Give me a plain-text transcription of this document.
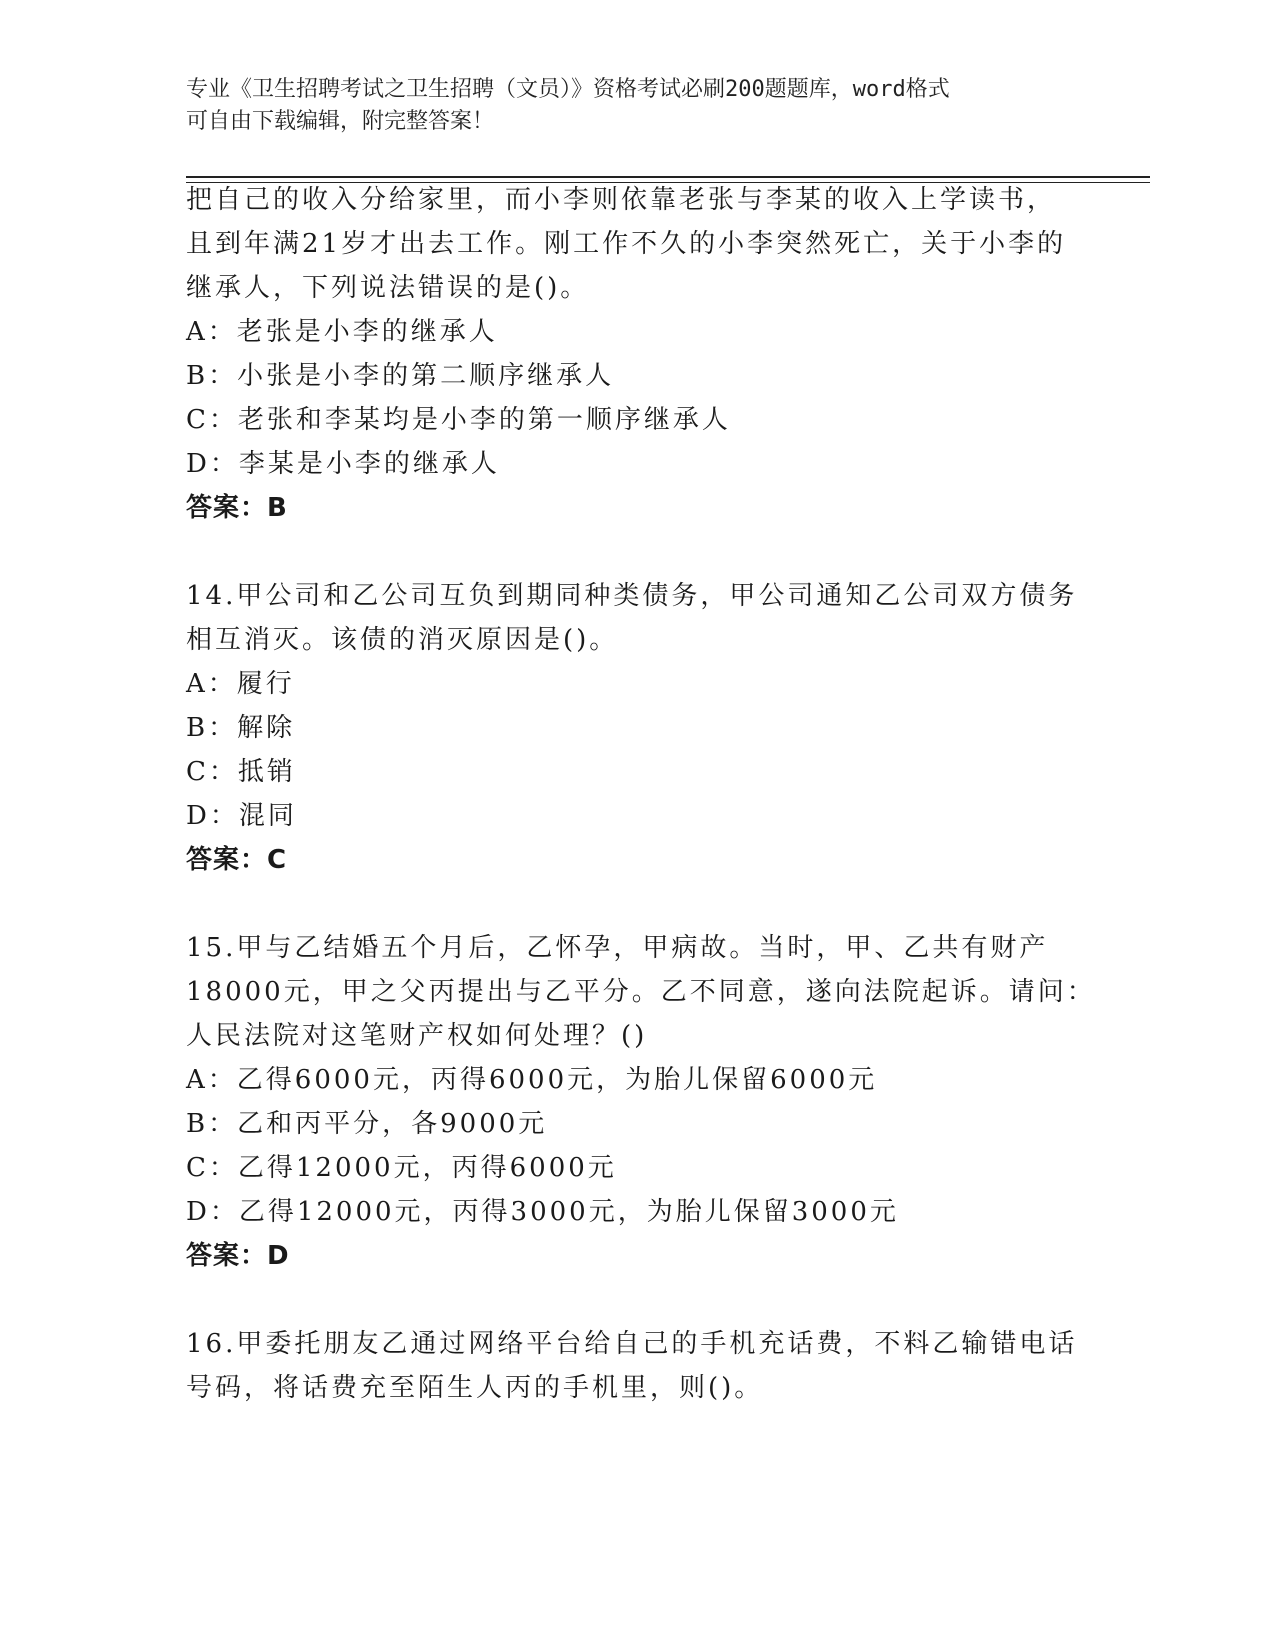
专业《卫生招聘考试之卫生招聘（文员）》资格考试必刷200题题库，word格式
可自由下载编辑，附完整答案！
把自己的收入分给家里，而小李则依靠老张与李某的收入上学读书，
且到年满21岁才出去工作。刚工作不久的小李突然死亡，关于小李的
继承人，下列说法错误的是()。
A：老张是小李的继承人
B：小张是小李的第二顺序继承人
C：老张和李某均是小李的第一顺序继承人
D：李某是小李的继承人
答案：B
14.甲公司和乙公司互负到期同种类债务，甲公司通知乙公司双方债务
相互消灭。该债的消灭原因是()。
A：履行
B：解除
C：抵销
D：混同
答案：C
15.甲与乙结婚五个月后，乙怀孕，甲病故。当时，甲、乙共有财产
18000元，甲之父丙提出与乙平分。乙不同意，遂向法院起诉。请问：
人民法院对这笔财产权如何处理？()
A：乙得6000元，丙得6000元，为胎儿保留6000元
B：乙和丙平分，各9000元
C：乙得12000元，丙得6000元
D：乙得12000元，丙得3000元，为胎儿保留3000元
答案：D
16.甲委托朋友乙通过网络平台给自己的手机充话费，不料乙输错电话
号码，将话费充至陌生人丙的手机里，则()。
